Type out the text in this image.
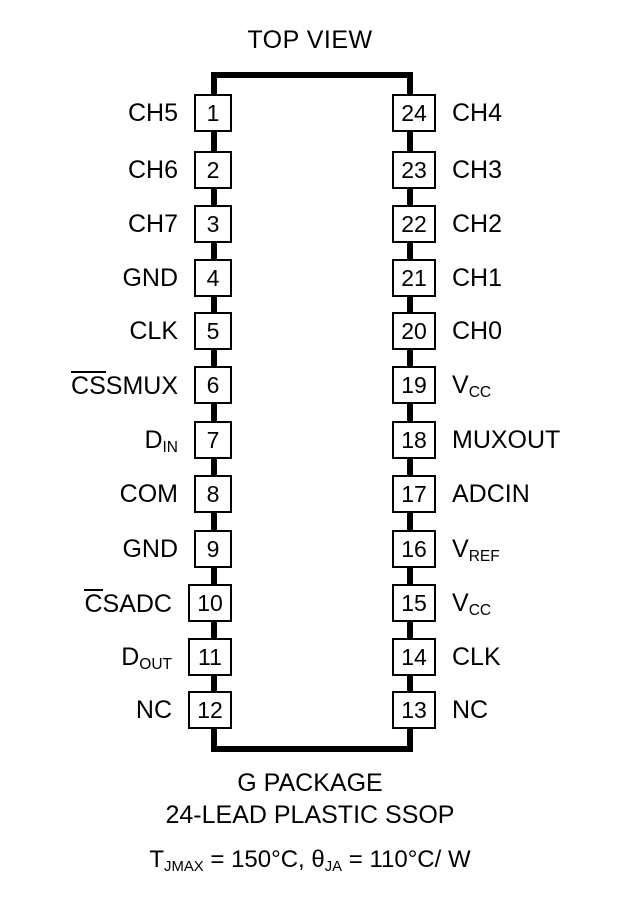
TOP VIEW
CH5	1
CH6	2
CH7	3
GND	4
CLK	5
CSSMUX	6
$D_{IN}$	7
COM	8
GND	9
CSADC	10
$D_{OUT}$	11
NC	12
24	CH4
23	CH3
22	CH2
21	CH1
20	CH0
19	$V_{CC}$
18	MUXOUT
17	ADCIN
16	$V_{REF}$
15	$V_{CC}$
14	CLK
13	NC
G PACKAGE
24-LEAD PLASTIC SSOP
$T_{JMAX} = 150^\circ C$, $\theta_{JA} = 110^\circ C/$ W
